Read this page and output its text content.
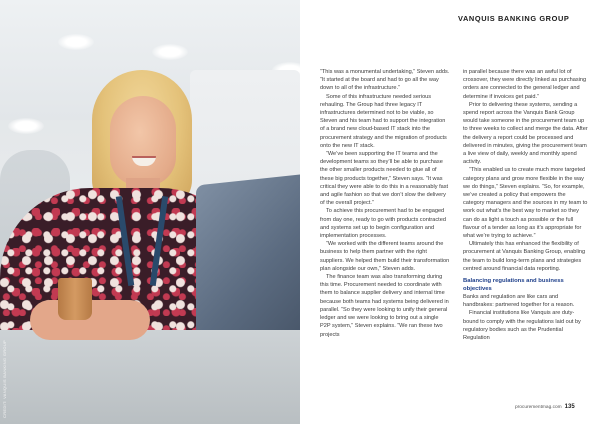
CREDIT: VANQUIS BANKING GROUP
VANQUIS BANKING GROUP

“This was a monumental undertaking,” Steven adds. “It started at the board and had to go all the way down to all of the infrastructure.”

Some of this infrastructure needed serious rehauling. The Group had three legacy IT infrastructures determined not to be viable, so Steven and his team had to support the integration of a brand new cloud-based IT stack into the procurement strategy and the migration of products onto the new IT stack.

“We’ve been supporting the IT teams and the development teams so they’ll be able to purchase the other smaller products needed to glue all of these big products together,” Steven says. “It was critical they were able to do this in a reasonably fast and agile fashion so that we don’t slow the delivery of the overall project.”

To achieve this procurement had to be engaged from day one, ready to go with products contracted and systems set up to begin configuration and implementation processes.

“We worked with the different teams around the business to help them partner with the right suppliers. We helped them build their transformation plan alongside our own,” Steven adds.

The finance team was also transforming during this time. Procurement needed to coordinate with them to balance supplier delivery and internal time because both teams had systems being delivered in parallel. “So they were looking to unify their general ledger and we were looking to bring out a single P2P system,” Steven explains. “We ran these two projects

in parallel because there was an awful lot of crossover, they were directly linked as purchasing orders are connected to the general ledger and determine if invoices get paid.”

Prior to delivering these systems, sending a spend report across the Vanquis Bank Group would take someone in the procurement team up to three weeks to collect and merge the data. After the delivery a report could be processed and delivered in minutes, giving the procurement team a live view of daily, weekly and monthly spend activity.

“This enabled us to create much more targeted category plans and grow more flexible in the way we do things,” Steven explains. “So, for example, we’ve created a policy that empowers the category managers and the sources in my team to work out what’s the best way to market so they can do as light a touch as possible or the full flavour of a tender as long as it’s appropriate for what we’re trying to achieve.”

Ultimately this has enhanced the flexibility of procurement at Vanquis Banking Group, enabling the team to build long-term plans and strategies centred around financial data reporting.

Balancing regulations and business objectives

Banks and regulation are like cars and handbrakes: partnered together for a reason.

Financial institutions like Vanquis are duty-bound to comply with the regulations laid out by regulatory bodies such as the Prudential Regulation

procurementmag.com 135
